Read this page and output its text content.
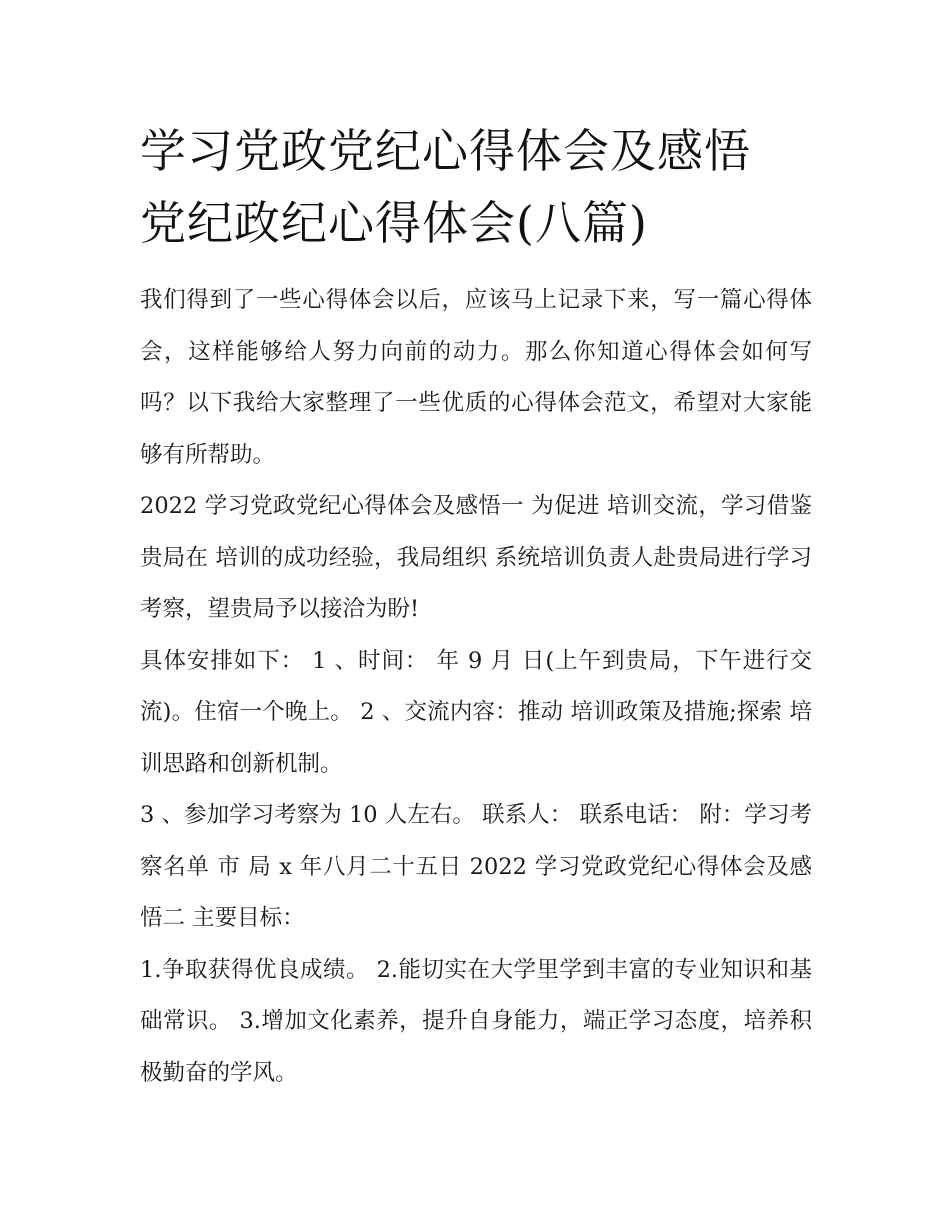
学习党政党纪心得体会及感悟
党纪政纪心得体会(八篇)

我们得到了一些心得体会以后，应该马上记录下来，写一篇心得体会，这样能够给人努力向前的动力。那么你知道心得体会如何写吗？以下我给大家整理了一些优质的心得体会范文，希望对大家能够有所帮助。

2022 学习党政党纪心得体会及感悟一 为促进 培训交流，学习借鉴贵局在 培训的成功经验，我局组织 系统培训负责人赴贵局进行学习考察，望贵局予以接洽为盼!

具体安排如下： 1 、时间： 年 9 月 日(上午到贵局，下午进行交流)。住宿一个晚上。 2 、交流内容：推动 培训政策及措施;探索 培训思路和创新机制。

3 、参加学习考察为 10 人左右。 联系人： 联系电话： 附：学习考察名单 市 局 x 年八月二十五日 2022 学习党政党纪心得体会及感悟二 主要目标：

1.争取获得优良成绩。 2.能切实在大学里学到丰富的专业知识和基础常识。 3.增加文化素养，提升自身能力，端正学习态度，培养积极勤奋的学风。
